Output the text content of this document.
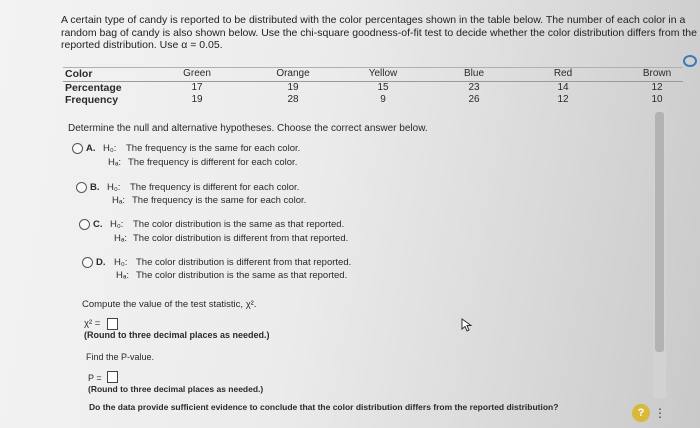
A certain type of candy is reported to be distributed with the color percentages shown in the table below. The number of each color in a random bag of candy is also shown below. Use the chi-square goodness-of-fit test to decide whether the color distribution differs from the reported distribution. Use α = 0.05.
Color	Green	Orange	Yellow	Blue	Red	Brown
Percentage	17	19	15	23	14	12
Frequency	19	28	9	26	12	10
Determine the null and alternative hypotheses. Choose the correct answer below.
A. H₀: The frequency is the same for each color.
Hₐ: The frequency is different for each color.
B. H₀: The frequency is different for each color.
Hₐ: The frequency is the same for each color.
C. H₀: The color distribution is the same as that reported.
Hₐ: The color distribution is different from that reported.
D. H₀: The color distribution is different from that reported.
Hₐ: The color distribution is the same as that reported.
Compute the value of the test statistic, χ².
χ² =
(Round to three decimal places as needed.)
Find the P-value.
P =
(Round to three decimal places as needed.)
Do the data provide sufficient evidence to conclude that the color distribution differs from the reported distribution?	? ⋮
